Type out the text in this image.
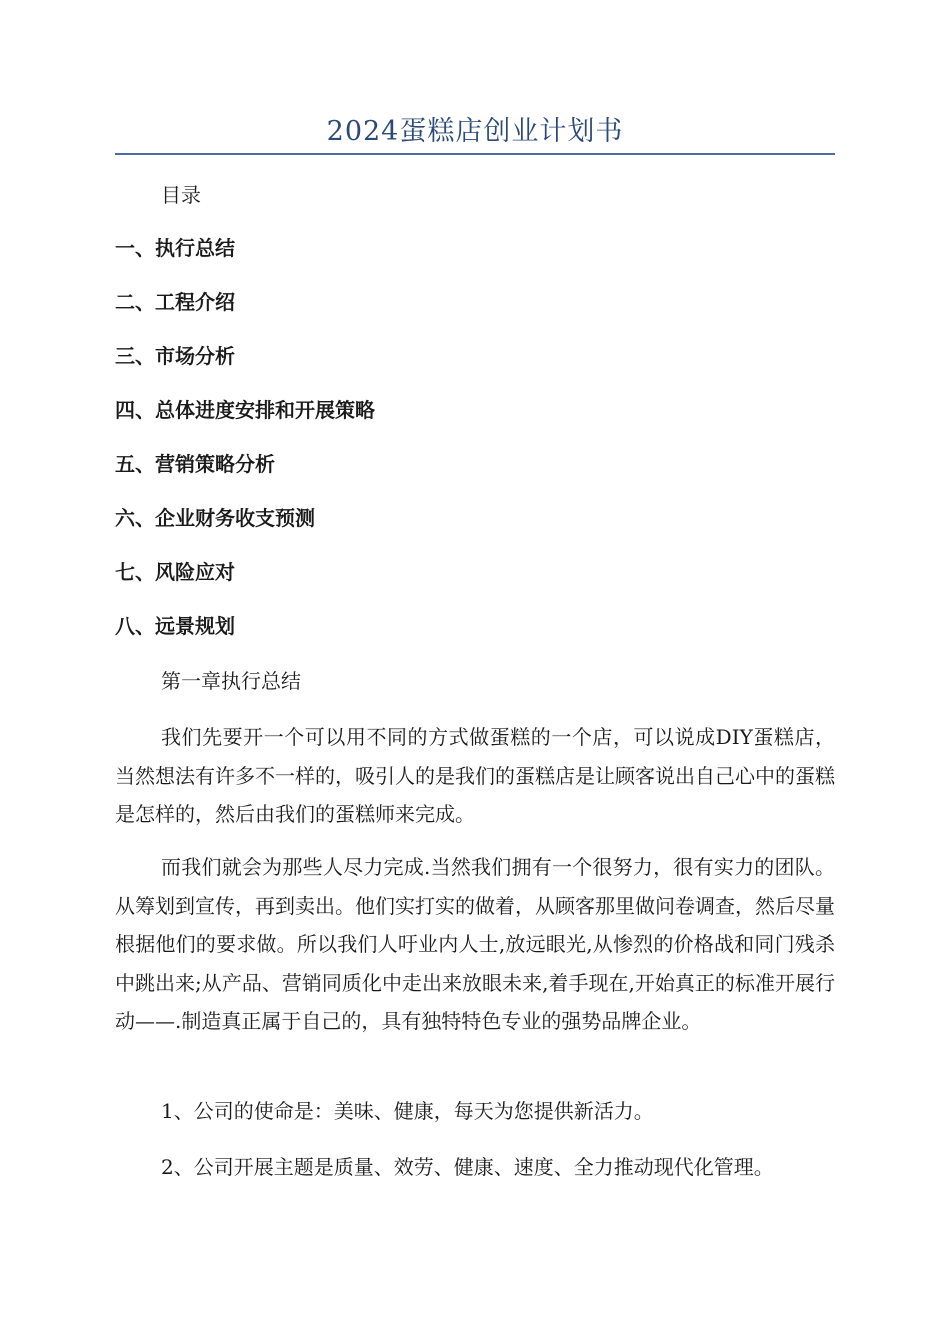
2024蛋糕店创业计划书
目录
一、执行总结
二、工程介绍
三、市场分析
四、总体进度安排和开展策略
五、营销策略分析
六、企业财务收支预测
七、风险应对
八、远景规划
第一章执行总结

我们先要开一个可以用不同的方式做蛋糕的一个店，可以说成DIY蛋糕店，当然想法有许多不一样的，吸引人的是我们的蛋糕店是让顾客说出自己心中的蛋糕是怎样的，然后由我们的蛋糕师来完成。

而我们就会为那些人尽力完成.当然我们拥有一个很努力，很有实力的团队。从筹划到宣传，再到卖出。他们实打实的做着，从顾客那里做问卷调查，然后尽量根据他们的要求做。所以我们人吁业内人士,放远眼光,从惨烈的价格战和同门残杀中跳出来;从产品、营销同质化中走出来放眼未来,着手现在,开始真正的标准开展行动——.制造真正属于自己的，具有独特特色专业的强势品牌企业。

1、公司的使命是：美味、健康，每天为您提供新活力。

2、公司开展主题是质量、效劳、健康、速度、全力推动现代化管理。
